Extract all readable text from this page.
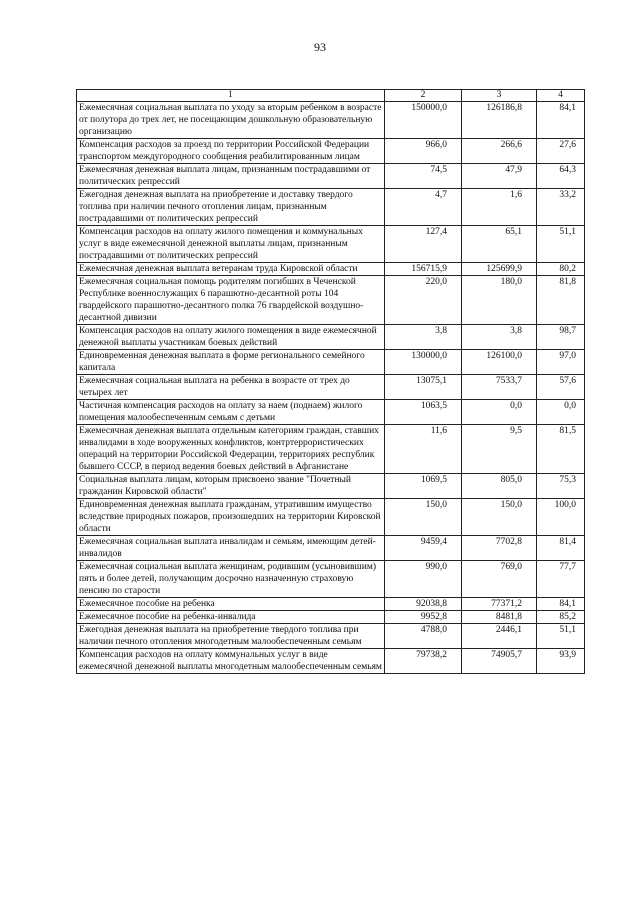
93
1	2	3	4
Ежемесячная социальная выплата по уходу за вторым ребенком в возрасте от полутора до трех лет, не посещающим дошкольную образовательную организацию	150000,0	126186,8	84,1
Компенсация расходов за проезд по территории Российской Федерации транспортом междугородного сообщения реабилитированным лицам	966,0	266,6	27,6
Ежемесячная денежная выплата лицам, признанным пострадавшими от политических репрессий	74,5	47,9	64,3
Ежегодная денежная выплата на приобретение и доставку твердого топлива при наличии печного отопления лицам, признанным пострадавшими от политических репрессий	4,7	1,6	33,2
Компенсация расходов на оплату жилого помещения и коммунальных услуг в виде ежемесячной денежной выплаты лицам, признанным пострадавшими от политических репрессий	127,4	65,1	51,1
Ежемесячная денежная выплата ветеранам труда Кировской области	156715,9	125699,9	80,2
Ежемесячная социальная помощь родителям погибших в Чеченской Республике военнослужащих 6 парашютно-десантной роты 104 гвардейского парашютно-десантного полка 76 гвардейской воздушно-десантной дивизии	220,0	180,0	81,8
Компенсация расходов на оплату жилого помещения в виде ежемесячной денежной выплаты участникам боевых действий	3,8	3,8	98,7
Единовременная денежная выплата в форме регионального семейного капитала	130000,0	126100,0	97,0
Ежемесячная социальная выплата на ребенка в возрасте от трех до четырех лет	13075,1	7533,7	57,6
Частичная компенсация расходов на оплату за наем (поднаем) жилого помещения малообеспеченным семьям с детьми	1063,5	0,0	0,0
Ежемесячная денежная выплата отдельным категориям граждан, ставших инвалидами в ходе вооруженных конфликтов, контртеррористических операций на территории Российской Федерации, территориях республик бывшего СССР, в период ведения боевых действий в Афганистане	11,6	9,5	81,5
Социальная выплата лицам, которым присвоено звание "Почетный гражданин Кировской области"	1069,5	805,0	75,3
Единовременная денежная выплата гражданам, утратившим имущество вследствие природных пожаров, произошедших на территории Кировской области	150,0	150,0	100,0
Ежемесячная социальная выплата инвалидам и семьям, имеющим детей-инвалидов	9459,4	7702,8	81,4
Ежемесячная социальная выплата женщинам, родившим (усыновившим) пять и более детей, получающим досрочно назначенную страховую пенсию по старости	990,0	769,0	77,7
Ежемесячное пособие на ребенка	92038,8	77371,2	84,1
Ежемесячное пособие на ребенка-инвалида	9952,8	8481,8	85,2
Ежегодная денежная выплата на приобретение твердого топлива при наличии печного отопления многодетным малообеспеченным семьям	4788,0	2446,1	51,1
Компенсация расходов на оплату коммунальных услуг в виде ежемесячной денежной выплаты многодетным малообеспеченным семьям	79738,2	74905,7	93,9
